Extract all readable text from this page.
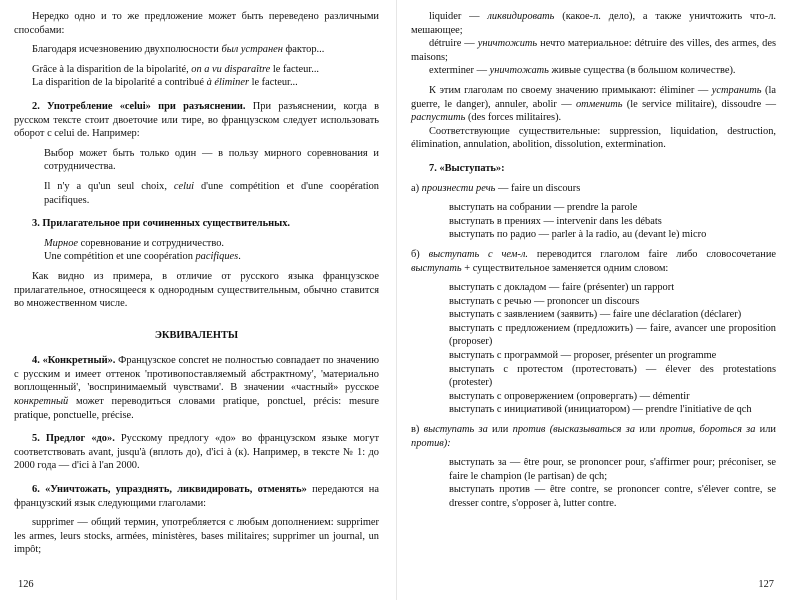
Нередко одно и то же предложение может быть переведено различными способами:

Благодаря исчезновению двухполюсности был устранен фактор...

Grâce à la disparition de la bipolarité, on a vu disparaître le facteur...

La disparition de la bipolarité a contribué à éliminer le facteur...

2. Употребление «celui» при разъяснении. При разъяснении, когда в русском тексте стоит двоеточие или тире, во французском следует использовать оборот с celui de. Например:

Выбор может быть только один — в пользу мирного соревнования и сотрудничества.

Il n'y a qu'un seul choix, celui d'une compétition et d'une coopération pacifiques.

3. Прилагательное при сочиненных существительных.

Мирное соревнование и сотрудничество.

Une compétition et une coopération pacifiques.

Как видно из примера, в отличие от русского языка французское прилагательное, относящееся к однородным существительным, обычно ставится во множественном числе.

ЭКВИВАЛЕНТЫ

4. «Конкретный». Французское concret не полностью совпадает по значению с русским и имеет оттенок 'противопоставляемый абстрактному', 'материально воплощенный', 'воспринимаемый чувствами'. В значении «частный» русское конкретный может переводиться словами pratique, ponctuel, précis: mesure pratique, ponctuelle, précise.

5. Предлог «до». Русскому предлогу «до» во французском языке могут соответствовать avant, jusqu'à (вплоть до), d'ici à (к). Например, в тексте № 1: до 2000 года — d'ici à l'an 2000.

6. «Уничтожать, упразднять, ликвидировать, отменять» передаются на французский язык следующими глаголами:

supprimer — общий термин, употребляется с любым дополнением: supprimer les armes, leurs stocks, armées, ministères, bases militaires; supprimer un journal, un impôt;

126

liquider — ликвидировать (какое-л. дело), а также уничтожить что-л. мешающее;

détruire — уничтожить нечто материальное: détruire des villes, des armes, des maisons;

exterminer — уничтожать живые существа (в большом количестве).

К этим глаголам по своему значению примыкают: éliminer — устранить (la guerre, le danger), annuler, abolir — отменить (le service militaire), dissoudre — распустить (des forces militaires).

Соответствующие существительные: suppression, liquidation, destruction, élimination, annulation, abolition, dissolution, extermination.

7. «Выступать»:

а) произнести речь — faire un discours

выступать на собрании — prendre la parole

выступать в прениях — intervenir dans les débats

выступать по радио — parler à la radio, au (devant le) micro

б) выступать с чем-л. переводится глаголом faire либо словосочетание выступать + существительное заменяется одним словом:

выступать с докладом — faire (présenter) un rapport

выступать с речью — prononcer un discours

выступать с заявлением (заявить) — faire une déclaration (déclarer)

выступать с предложением (предложить) — faire, avancer une proposition (proposer)

выступать с программой — proposer, présenter un programme

выступать с протестом (протестовать) — élever des protestations (protester)

выступать с опровержением (опровергать) — démentir

выступать с инициативой (инициатором) — prendre l'initiative de qch

в) выступать за или против (высказываться за или против, бороться за или против):

выступать за — être pour, se prononcer pour, s'affirmer pour; préconiser, se faire le champion (le partisan) de qch;

выступать против — être contre, se prononcer contre, s'élever contre, se dresser contre, s'opposer à, lutter contre.

127
